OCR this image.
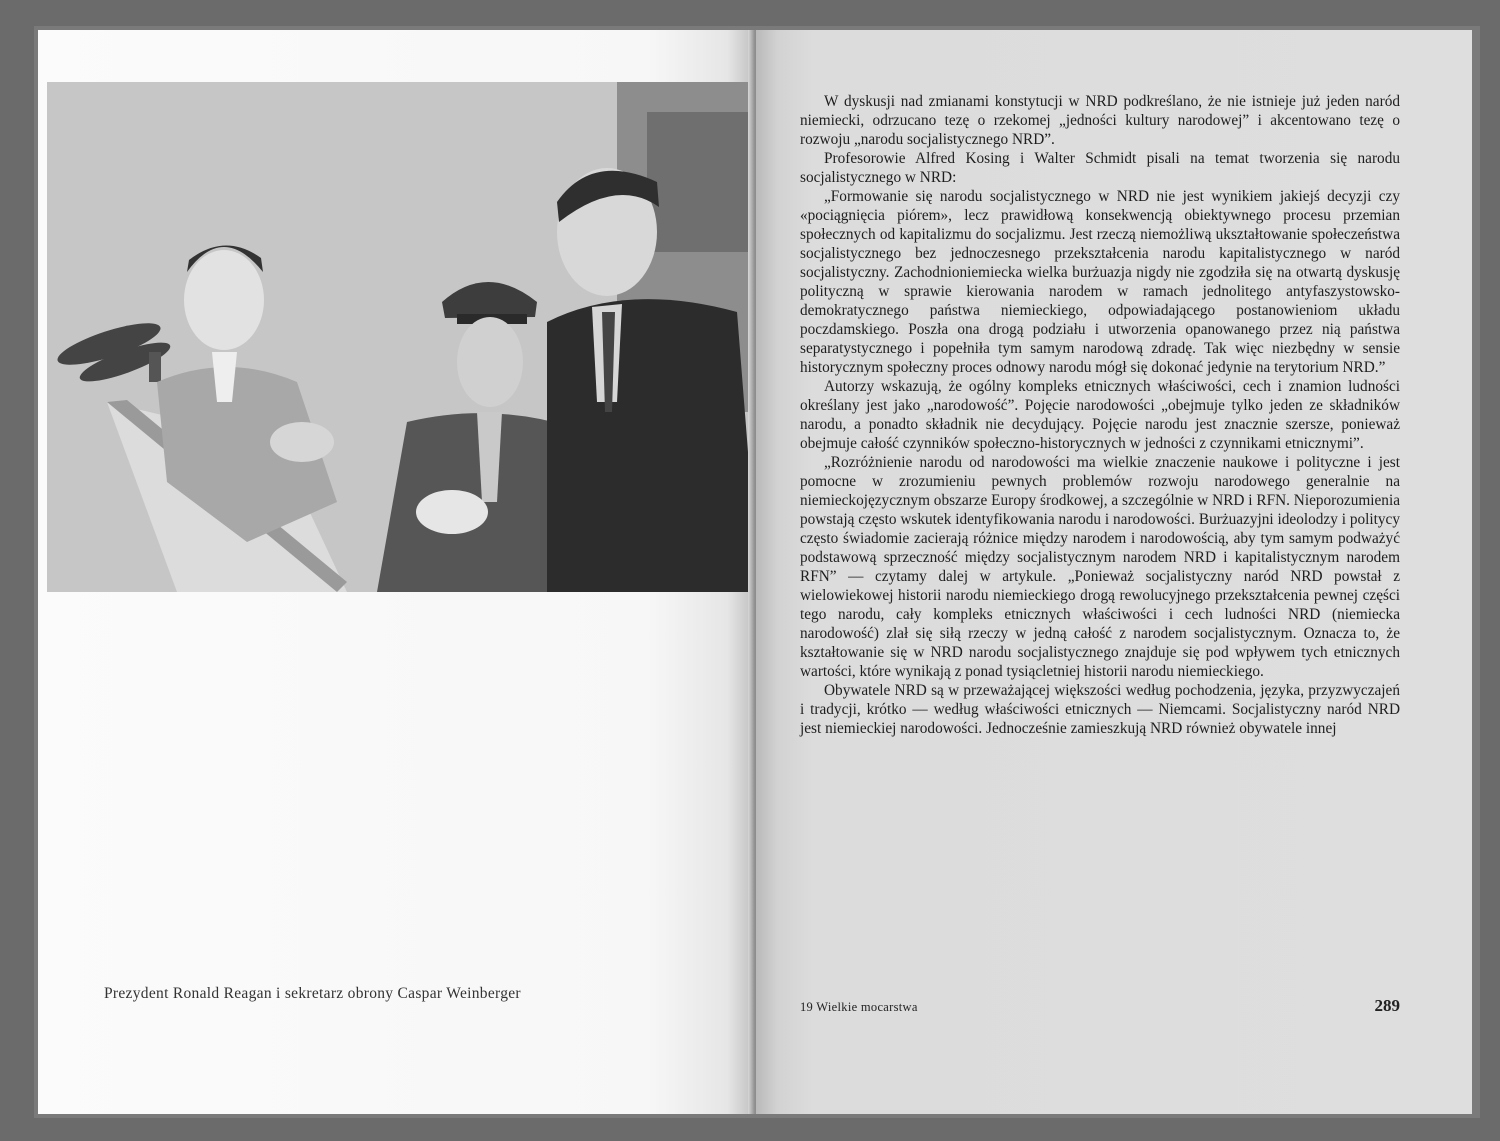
Prezydent Ronald Reagan i sekretarz obrony Caspar Weinberger

W dyskusji nad zmianami konstytucji w NRD podkreślano, że nie istnieje już jeden naród niemiecki, odrzucano tezę o rzekomej „jedności kultury narodowej” i akcentowano tezę o rozwoju „narodu socjalistycznego NRD”.

Profesorowie Alfred Kosing i Walter Schmidt pisali na temat tworzenia się narodu socjalistycznego w NRD:

„Formowanie się narodu socjalistycznego w NRD nie jest wynikiem jakiejś decyzji czy «pociągnięcia piórem», lecz prawidłową konsekwencją obiektywnego procesu przemian społecznych od kapitalizmu do socjalizmu. Jest rzeczą niemożliwą ukształtowanie społeczeństwa socjalistycznego bez jednoczesnego przekształcenia narodu kapitalistycznego w naród socjalistyczny. Zachodnioniemiecka wielka burżuazja nigdy nie zgodziła się na otwartą dyskusję polityczną w sprawie kierowania narodem w ramach jednolitego antyfaszystowsko-demokratycznego państwa niemieckiego, odpowiadającego postanowieniom układu poczdamskiego. Poszła ona drogą podziału i utworzenia opanowanego przez nią państwa separatystycznego i popełniła tym samym narodową zdradę. Tak więc niezbędny w sensie historycznym społeczny proces odnowy narodu mógł się dokonać jedynie na terytorium NRD.”

Autorzy wskazują, że ogólny kompleks etnicznych właściwości, cech i znamion ludności określany jest jako „narodowość”. Pojęcie narodowości „obejmuje tylko jeden ze składników narodu, a ponadto składnik nie decydujący. Pojęcie narodu jest znacznie szersze, ponieważ obejmuje całość czynników społeczno-historycznych w jedności z czynnikami etnicznymi”.

„Rozróżnienie narodu od narodowości ma wielkie znaczenie naukowe i polityczne i jest pomocne w zrozumieniu pewnych problemów rozwoju narodowego generalnie na niemieckojęzycznym obszarze Europy środkowej, a szczególnie w NRD i RFN. Nieporozumienia powstają często wskutek identyfikowania narodu i narodowości. Burżuazyjni ideolodzy i politycy często świadomie zacierają różnice między narodem i narodowością, aby tym samym podważyć podstawową sprzeczność między socjalistycznym narodem NRD i kapitalistycznym narodem RFN” — czytamy dalej w artykule. „Ponieważ socjalistyczny naród NRD powstał z wielowiekowej historii narodu niemieckiego drogą rewolucyjnego przekształcenia pewnej części tego narodu, cały kompleks etnicznych właściwości i cech ludności NRD (niemiecka narodowość) zlał się siłą rzeczy w jedną całość z narodem socjalistycznym. Oznacza to, że kształtowanie się w NRD narodu socjalistycznego znajduje się pod wpływem tych etnicznych wartości, które wynikają z ponad tysiącletniej historii narodu niemieckiego.

Obywatele NRD są w przeważającej większości według pochodzenia, języka, przyzwyczajeń i tradycji, krótko — według właściwości etnicznych — Niemcami. Socjalistyczny naród NRD jest niemieckiej narodowości. Jednocześnie zamieszkują NRD również obywatele innej

19 Wielkie mocarstwa	289
